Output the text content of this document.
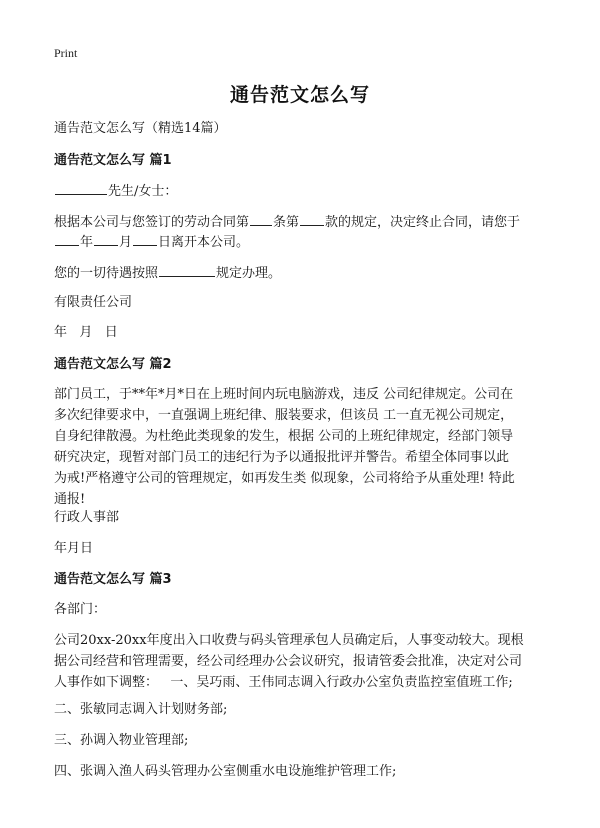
Print
通告范文怎么写
通告范文怎么写（精选14篇）
通告范文怎么写 篇1
先生/女士：
根据本公司与您签订的劳动合同第 条第 款的规定，决定终止合同，请您于
年 月 日离开本公司。
您的一切待遇按照	规定办理。
有限责任公司
年   月   日
通告范文怎么写 篇2
部门员工，于**年*月*日在上班时间内玩电脑游戏，违反 公司纪律规定。公司在
多次纪律要求中，一直强调上班纪律、服装要求，但该员 工一直无视公司规定，
自身纪律散漫。为杜绝此类现象的发生，根据 公司的上班纪律规定，经部门领导
研究决定，现暂对部门员工的违纪行为予以通报批评并警告。希望全体同事以此
为戒!严格遵守公司的管理规定，如再发生类 似现象，公司将给予从重处理! 特此
通报!
行政人事部
年月日
通告范文怎么写 篇3
各部门：
公司20xx-20xx年度出入口收费与码头管理承包人员确定后，人事变动较大。现根
据公司经营和管理需要，经公司经理办公会议研究，报请管委会批准，决定对公司
人事作如下调整：   一、吴巧雨、王伟同志调入行政办公室负责监控室值班工作;
二、张敏同志调入计划财务部;
三、孙调入物业管理部;
四、张调入渔人码头管理办公室侧重水电设施维护管理工作;
